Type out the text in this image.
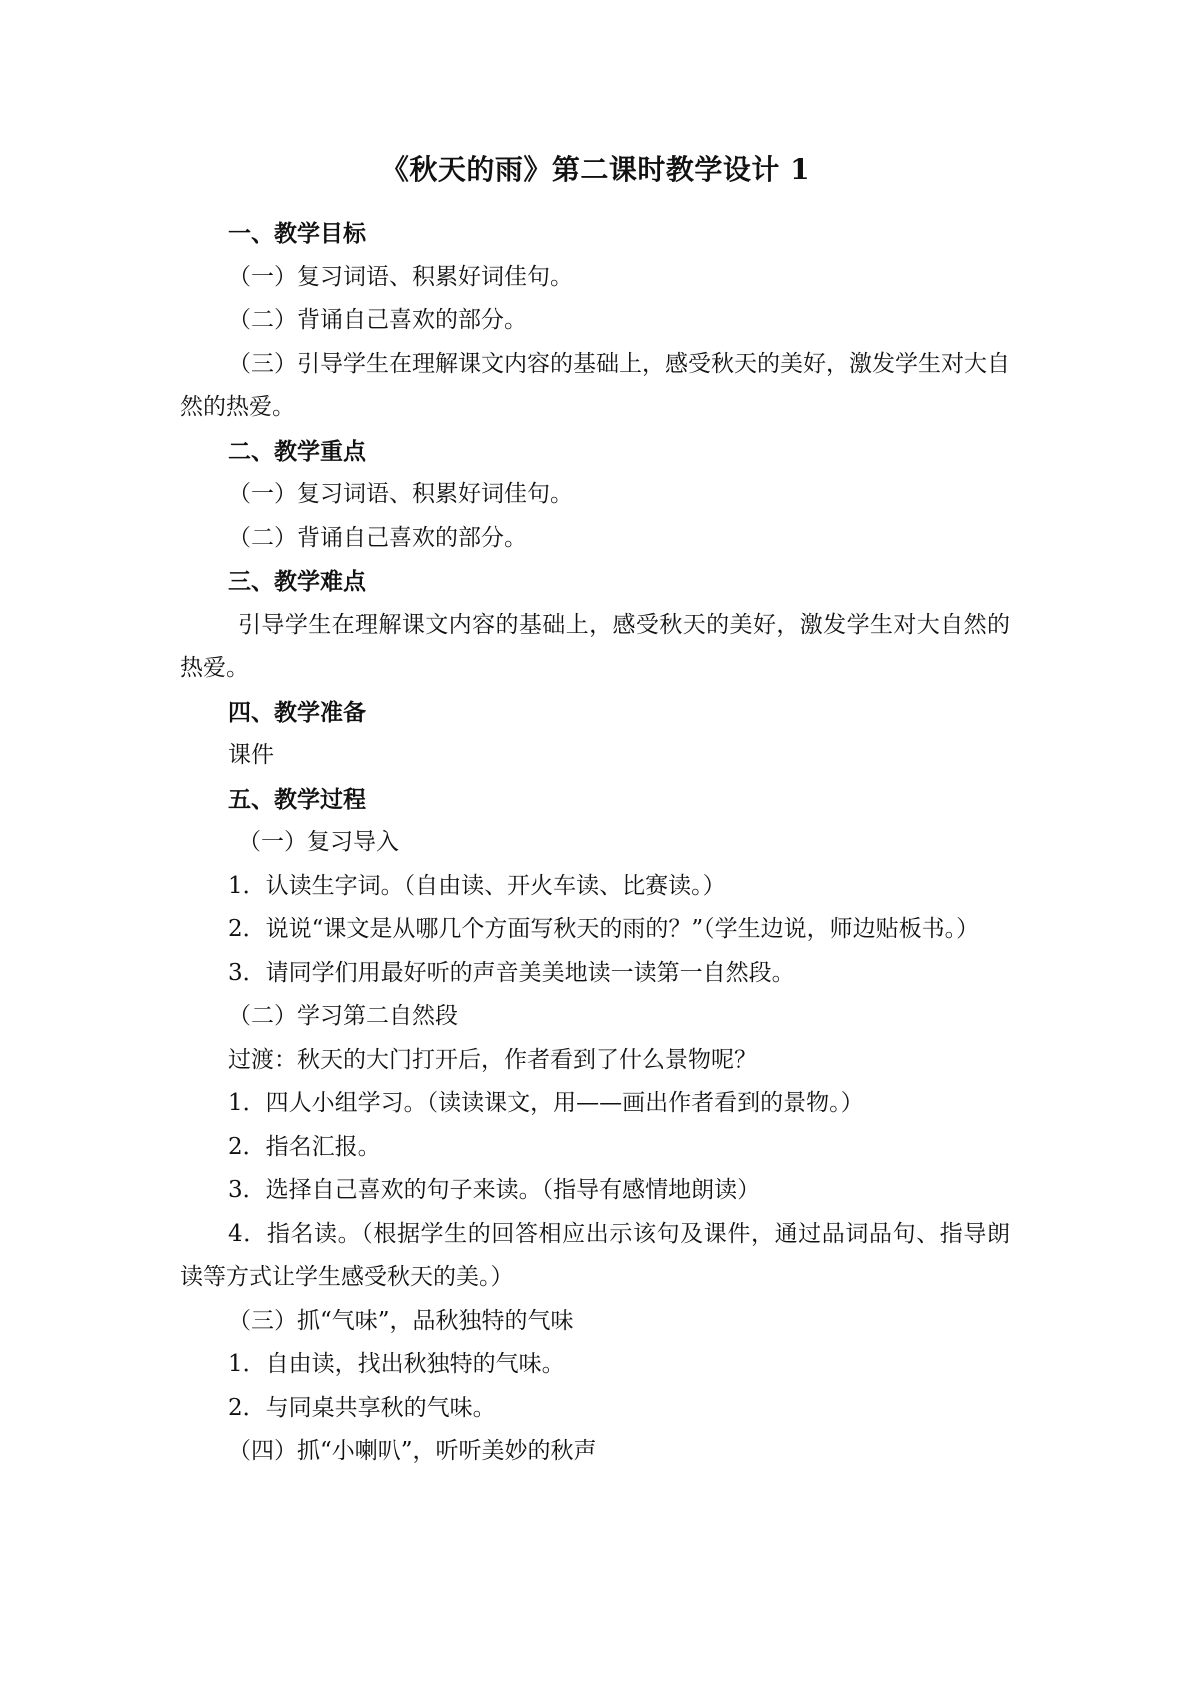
《秋天的雨》第二课时教学设计 1

一、教学目标

（一）复习词语、积累好词佳句。

（二）背诵自己喜欢的部分。

（三）引导学生在理解课文内容的基础上，感受秋天的美好，激发学生对大自然的热爱。

二、教学重点

（一）复习词语、积累好词佳句。

（二）背诵自己喜欢的部分。

三、教学难点

引导学生在理解课文内容的基础上，感受秋天的美好，激发学生对大自然的热爱。

四、教学准备

课件

五、教学过程

（一）复习导入

1．认读生字词。（自由读、开火车读、比赛读。）

2．说说“课文是从哪几个方面写秋天的雨的？”（学生边说，师边贴板书。）

3．请同学们用最好听的声音美美地读一读第一自然段。

（二）学习第二自然段

过渡：秋天的大门打开后，作者看到了什么景物呢？

1．四人小组学习。（读读课文，用——画出作者看到的景物。）

2．指名汇报。

3．选择自己喜欢的句子来读。（指导有感情地朗读）

4．指名读。（根据学生的回答相应出示该句及课件，通过品词品句、指导朗读等方式让学生感受秋天的美。）

（三）抓“气味”，品秋独特的气味

1．自由读，找出秋独特的气味。

2．与同桌共享秋的气味。

（四）抓“小喇叭”，听听美妙的秋声
